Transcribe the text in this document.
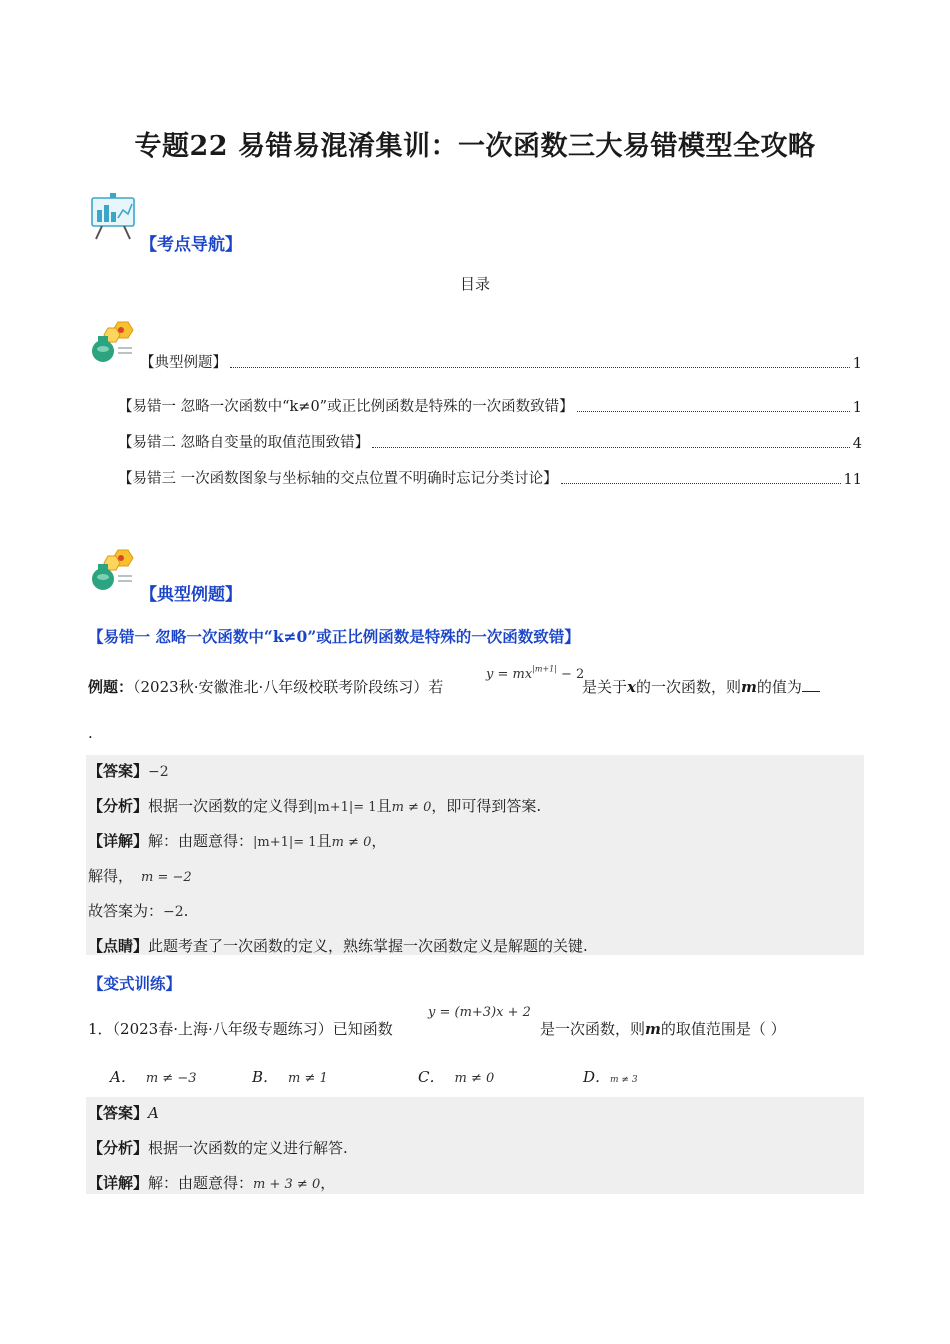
专题22 易错易混淆集训：一次函数三大易错模型全攻略
【考点导航】
目录
【典型例题】	1
【易错一 忽略一次函数中“k≠0”或正比例函数是特殊的一次函数致错】	1
【易错二 忽略自变量的取值范围致错】	4
【易错三 一次函数图象与坐标轴的交点位置不明确时忘记分类讨论】	11
【典型例题】
【易错一 忽略一次函数中“k≠0”或正比例函数是特殊的一次函数致错】
例题：（2023秋·安徽淮北·八年级校联考阶段练习）若
$y = mx^{|m+1|} - 2$
是关于x的一次函数，则m的值为
.
【答案】−2
【分析】根据一次函数的定义得到|m+1|= 1且m ≠ 0，即可得到答案.
【详解】解：由题意得：|m+1|= 1且m ≠ 0，
解得， m = −2
故答案为：−2.
【点睛】此题考查了一次函数的定义，熟练掌握一次函数定义是解题的关键.
【变式训练】
1．（2023春·上海·八年级专题练习）已知函数
y = (m+3)x + 2
是一次函数，则m的取值范围是（ ）
A． m ≠ −3	B． m ≠ 1	C． m ≠ 0	D．m ≠ 3
【答案】A
【分析】根据一次函数的定义进行解答.
【详解】解：由题意得：m + 3 ≠ 0，
